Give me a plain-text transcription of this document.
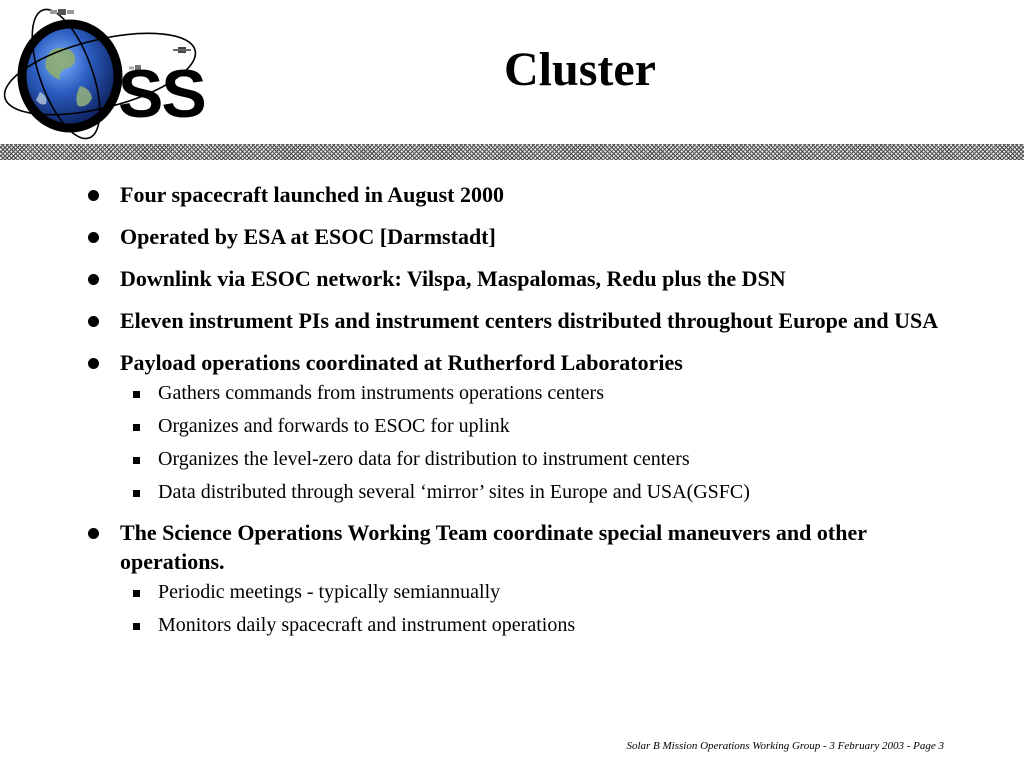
SS	Cluster
Four spacecraft launched in August 2000
Operated by ESA at ESOC [Darmstadt]
Downlink via ESOC network: Vilspa, Maspalomas, Redu plus the DSN
Eleven instrument PIs and instrument centers distributed throughout Europe and USA
Payload operations coordinated at Rutherford Laboratories
Gathers commands from instruments operations centers
Organizes and forwards to ESOC for uplink
Organizes the level-zero data for distribution to instrument centers
Data distributed through several ‘mirror’ sites in Europe and USA(GSFC)
The Science Operations Working Team coordinate special maneuvers and other operations.
Periodic meetings - typically semiannually
Monitors daily spacecraft and instrument operations
Solar B Mission Operations Working Group - 3 February 2003 - Page 3
